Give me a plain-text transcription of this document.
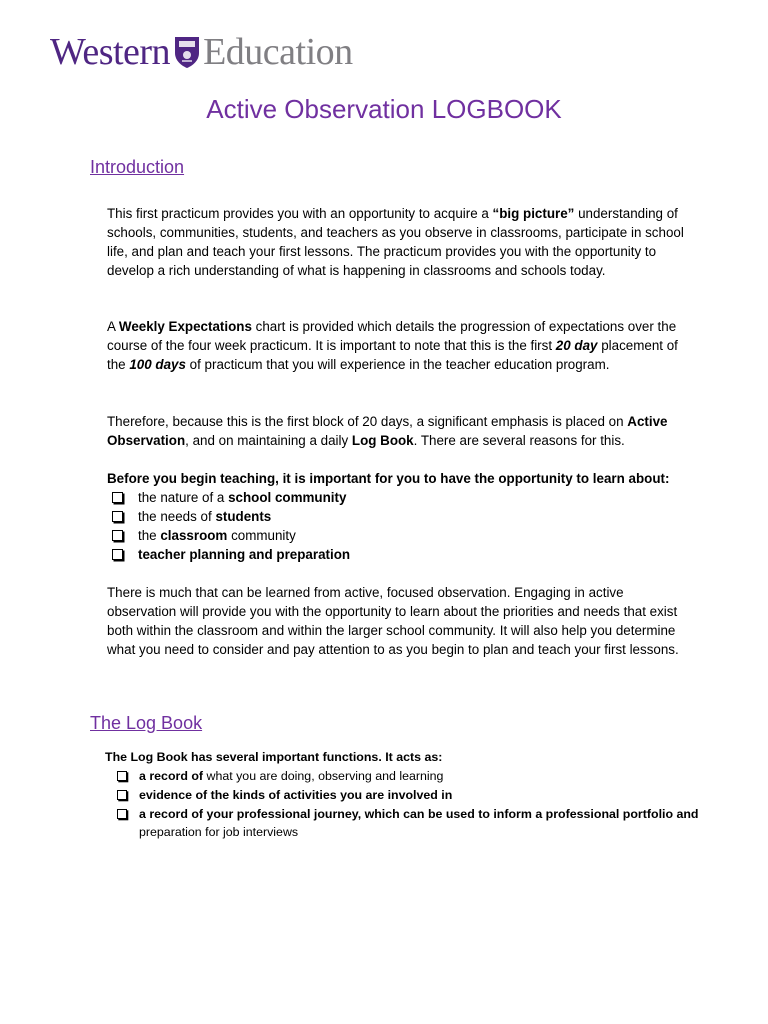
Western Education
Active Observation LOGBOOK
Introduction
This first practicum provides you with an opportunity to acquire a “big picture” understanding of schools, communities, students, and teachers as you observe in classrooms, participate in school life, and plan and teach your first lessons. The practicum provides you with the opportunity to develop a rich understanding of what is happening in classrooms and schools today.
A Weekly Expectations chart is provided which details the progression of expectations over the course of the four week practicum. It is important to note that this is the first 20 day placement of the 100 days of practicum that you will experience in the teacher education program.
Therefore, because this is the first block of 20 days, a significant emphasis is placed on Active Observation, and on maintaining a daily Log Book. There are several reasons for this.
Before you begin teaching, it is important for you to have the opportunity to learn about:
the nature of a school community
the needs of students
the classroom community
teacher planning and preparation
There is much that can be learned from active, focused observation. Engaging in active observation will provide you with the opportunity to learn about the priorities and needs that exist both within the classroom and within the larger school community. It will also help you determine what you need to consider and pay attention to as you begin to plan and teach your first lessons.
The Log Book
The Log Book has several important functions. It acts as:
a record of what you are doing, observing and learning
evidence of the kinds of activities you are involved in
a record of your professional journey, which can be used to inform a professional portfolio and
preparation for job interviews
